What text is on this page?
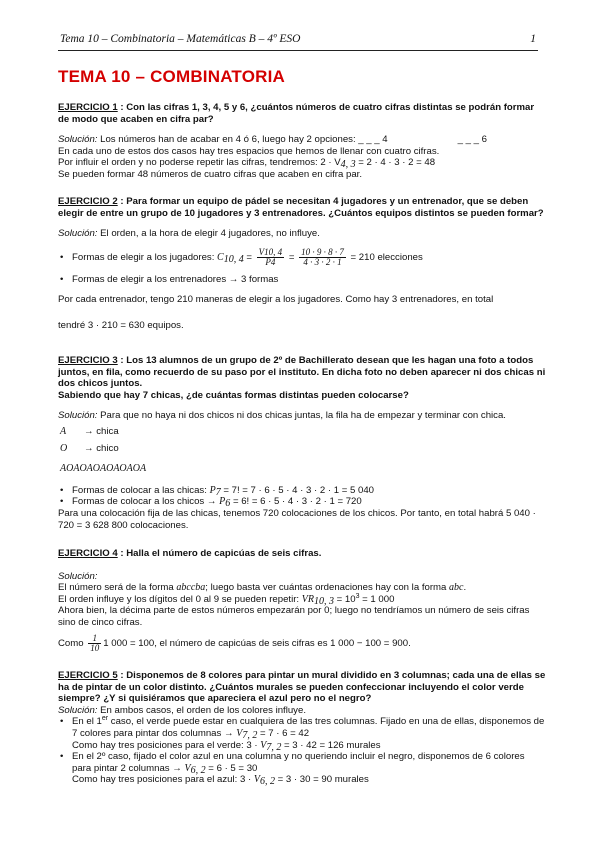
Tema 10 – Combinatoria – Matemáticas B – 4º ESO	1
TEMA 10 – COMBINATORIA

EJERCICIO 1 : Con las cifras 1, 3, 4, 5 y 6, ¿cuántos números de cuatro cifras distintas se podrán formar de modo que acaben en cifra par?

Solución: Los números han de acabar en 4 ó 6, luego hay 2 opciones: _ _ _ 4	_ _ _ 6

En cada uno de estos dos casos hay tres espacios que hemos de llenar con cuatro cifras.

Por influir el orden y no poderse repetir las cifras, tendremos: $2 \cdot V_{4, 3} = 2 \cdot 4 \cdot 3 \cdot 2 = 48$

Se pueden formar 48 números de cuatro cifras que acaben en cifra par.

EJERCICIO 2 : Para formar un equipo de pádel se necesitan 4 jugadores y un entrenador, que se deben elegir de entre un grupo de 10 jugadores y 3 entrenadores. ¿Cuántos equipos distintos se pueden formar?

Solución: El orden, a la hora de elegir 4 jugadores, no influye.

• Formas de elegir a los jugadores: $C_{10, 4} = \frac{V10, 4}{P4} = \frac{10 \cdot 9 \cdot 8 \cdot 7}{4 \cdot 3 \cdot 2 \cdot 1} = 210$ elecciones

• Formas de elegir a los entrenadores → 3 formas

Por cada entrenador, tengo 210 maneras de elegir a los jugadores. Como hay 3 entrenadores, en total

tendré 3 · 210 = 630 equipos.

EJERCICIO 3 : Los 13 alumnos de un grupo de 2º de Bachillerato desean que les hagan una foto a todos juntos, en fila, como recuerdo de su paso por el instituto. En dicha foto no deben aparecer ni dos chicas ni dos chicos juntos.

Sabiendo que hay 7 chicas, ¿de cuántas formas distintas pueden colocarse?

Solución: Para que no haya ni dos chicos ni dos chicas juntas, la fila ha de empezar y terminar con chica.

A → chica

O → chico

AOAOAOAOAOAOA

• Formas de colocar a las chicas: $P_7 = 7$! = 7 · 6 · 5 · 4 · 3 · 2 · 1 = 5 040

• Formas de colocar a los $chicos \to P_6 = 6$! = 6 · 5 · 4 · 3 · 2 · 1 = 720

Para una colocación fija de las chicas, tenemos 720 colocaciones de los chicos. Por tanto, en total habrá 5 040 · 720 = 3 628 800 colocaciones.

EJERCICIO 4 : Halla el número de capicúas de seis cifras.

Solución:

El número será de la forma abccba; luego basta ver cuántas ordenaciones hay con la forma abc.

El orden influye y los dígitos del 0 al 9 se pueden repetir: $VR_{10, 3} = 10^3 = 1$ 000

Ahora bien, la décima parte de estos números empezarán por 0; luego no tendríamos un número de seis cifras sino de cinco cifras.

Como $\frac{1}{10} 1$ 000 = 100, el número de capicúas de seis cifras es 1 000 − 100 = 900.

EJERCICIO 5 : Disponemos de 8 colores para pintar un mural dividido en 3 columnas; cada una de ellas se ha de pintar de un color distinto. ¿Cuántos murales se pueden confeccionar incluyendo el color verde siempre? ¿Y si quisiéramos que apareciera el azul pero no el negro?

Solución: En ambos casos, el orden de los colores influye.

• En el 1er caso, el verde puede estar en cualquiera de las tres columnas. Fijado en una de ellas, disponemos de 7 colores para pintar dos columnas → $V_{7, 2} = 7 \cdot 6 = 42$

Como hay tres posiciones para el verde: $3 \cdot V_{7, 2} = 3 \cdot 42 = 126$ murales

• En el 2º caso, fijado el color azul en una columna y no queriendo incluir el negro, disponemos de 6 colores para pintar 2 columnas → $V_{6, 2} = 6 \cdot 5 = 30$

Como hay tres posiciones para el azul: $3 \cdot V_{6, 2} = 3 \cdot 30 = 90$ murales
